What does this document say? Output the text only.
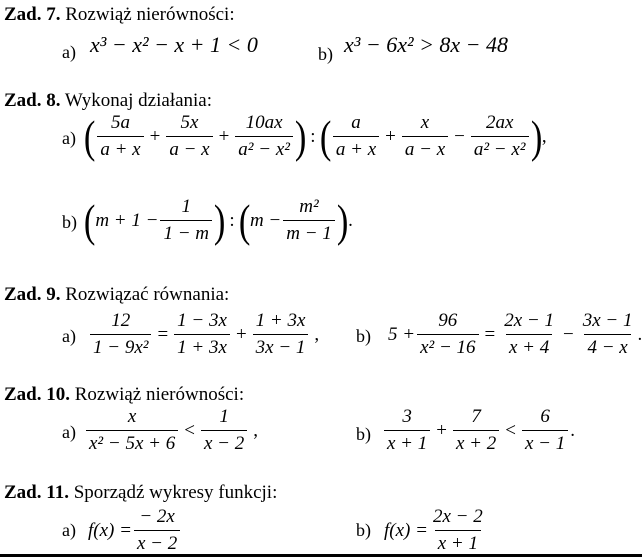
Zad. 7. Rozwiąż nierówności:
a) x³ − x² − x + 1 < 0	b) x³ − 6x² > 8x − 48
Zad. 8. Wykonaj działania:
a) ( $\frac{5a}{a + x} + \frac{5x}{a - x} + \frac{10ax}{\text{a² − x²}}$ ) : ( $\frac{a}{a + x} + \frac{x}{a - x} - \frac{2ax}{\text{a² − x²}}$ ) ,
b) ( $m + 1 - \frac{1}{1 - m}$ ) : ( $m - \frac{\text{m²}}{m - 1}$ ) .
Zad. 9. Rozwiązać równania:
$a) \frac{12}{\text{1 − 9x²}} = \frac{1 - 3x}{1 + 3x} + \frac{1 + 3x}{3x - 1}$ , b) $5 + \frac{96}{\text{x² − 16}} = \frac{2x - 1}{x + 4} - \frac{3x - 1}{4 - x}$ .
Zad. 10. Rozwiąż nierówności:
$a) \frac{x}{\text{x² − 5x + 6}} < \frac{1}{x - 2}$ ,	$b) \frac{3}{x + 1} + \frac{7}{x + 2} < \frac{6}{x - 1}$ .
Zad. 11. Sporządź wykresy funkcji:
a) $f(x) = \frac{- 2x}{x - 2}$	b) $f(x) = \frac{2x - 2}{x + 1}$
